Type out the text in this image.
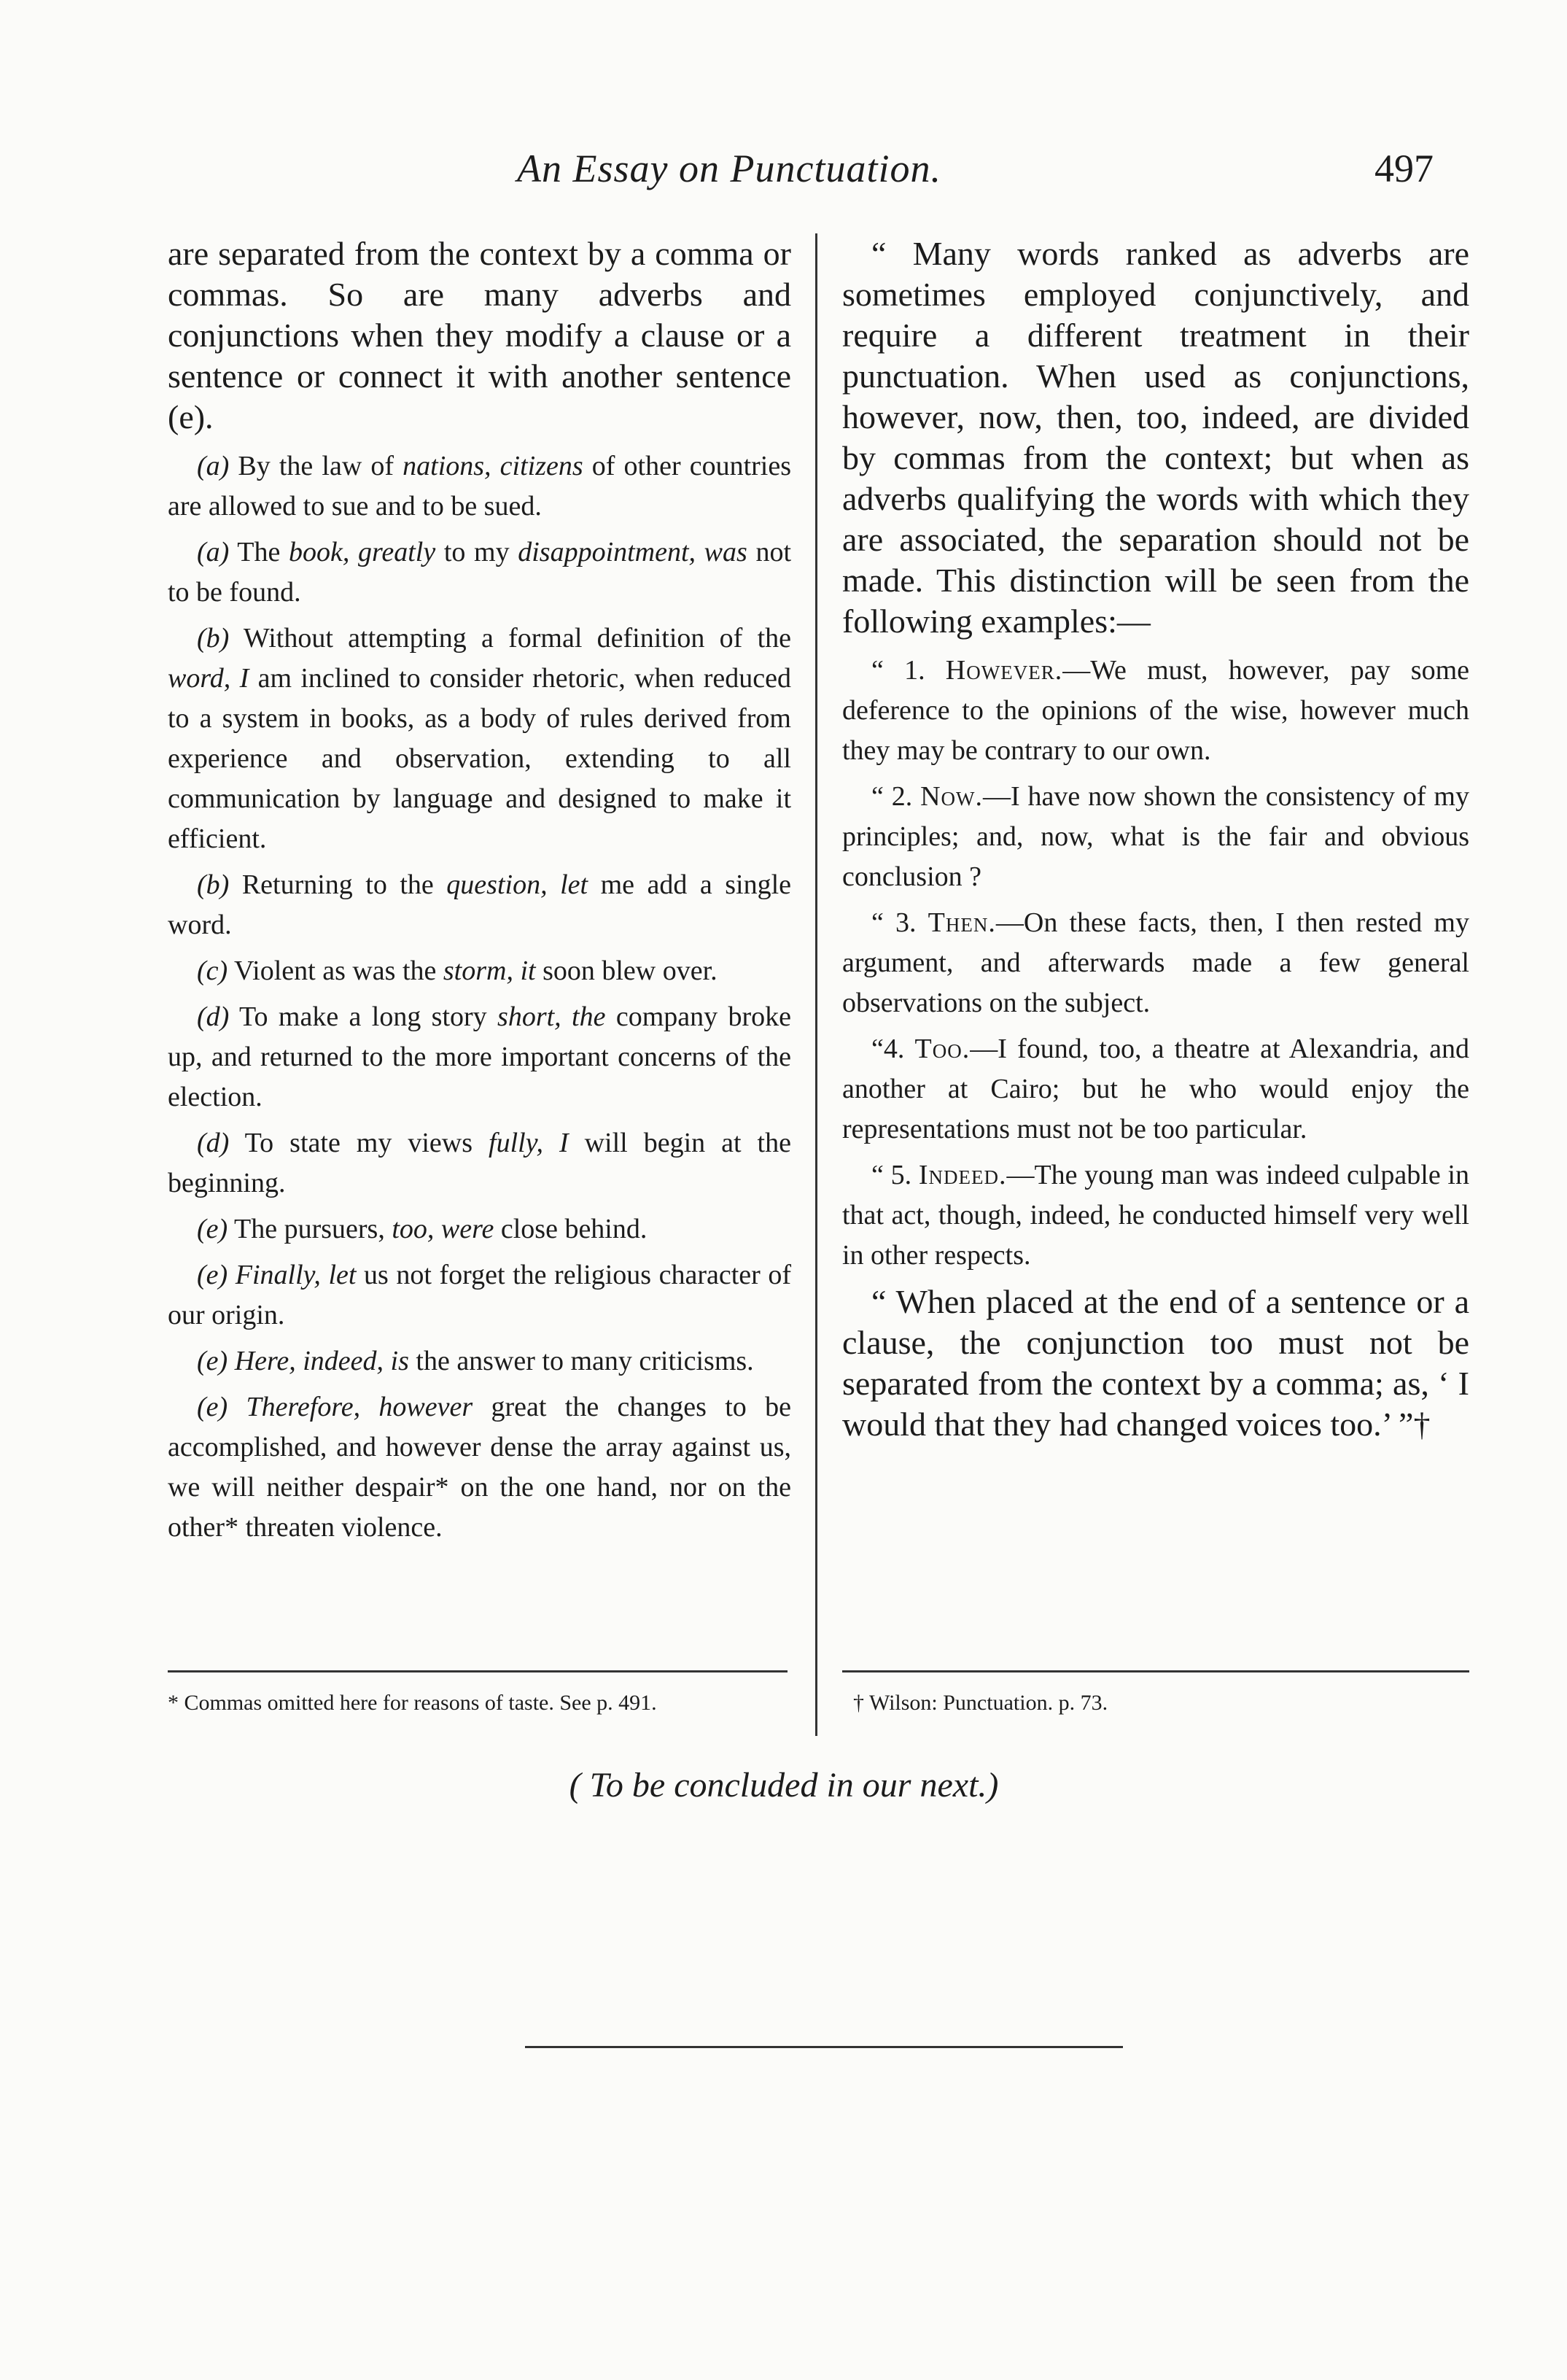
An Essay on Punctuation.	497

are separated from the context by a comma or commas. So are many adverbs and conjunctions when they modify a clause or a sentence or connect it with another sentence (e).

(a) By the law of nations, citizens of other countries are allowed to sue and to be sued.

(a) The book, greatly to my disappointment, was not to be found.

(b) Without attempting a formal definition of the word, I am inclined to consider rhetoric, when reduced to a system in books, as a body of rules derived from experience and observation, extending to all communication by language and designed to make it efficient.

(b) Returning to the question, let me add a single word.

(c) Violent as was the storm, it soon blew over.

(d) To make a long story short, the company broke up, and returned to the more important concerns of the election.

(d) To state my views fully, I will begin at the beginning.

(e) The pursuers, too, were close behind.

(e) Finally, let us not forget the religious character of our origin.

(e) Here, indeed, is the answer to many criticisms.

(e) Therefore, however great the changes to be accomplished, and however dense the array against us, we will neither despair* on the one hand, nor on the other* threaten violence.

“ Many words ranked as adverbs are sometimes employed conjunctively, and require a different treatment in their punctuation. When used as conjunctions, however, now, then, too, indeed, are divided by commas from the context; but when as adverbs qualifying the words with which they are associated, the separation should not be made. This distinction will be seen from the following examples:—

“ 1. However.—We must, however, pay some deference to the opinions of the wise, however much they may be contrary to our own.

“ 2. Now.—I have now shown the consistency of my principles; and, now, what is the fair and obvious conclusion ?

“ 3. Then.—On these facts, then, I then rested my argument, and afterwards made a few general observations on the subject.

“4. Too.—I found, too, a theatre at Alexandria, and another at Cairo; but he who would enjoy the representations must not be too particular.

“ 5. Indeed.—The young man was indeed culpable in that act, though, indeed, he conducted himself very well in other respects.

“ When placed at the end of a sentence or a clause, the conjunction too must not be separated from the context by a comma; as, ‘ I would that they had changed voices too.’ ”†

* Commas omitted here for reasons of taste. See p. 491.	† Wilson: Punctuation. p. 73.
( To be concluded in our next.)
